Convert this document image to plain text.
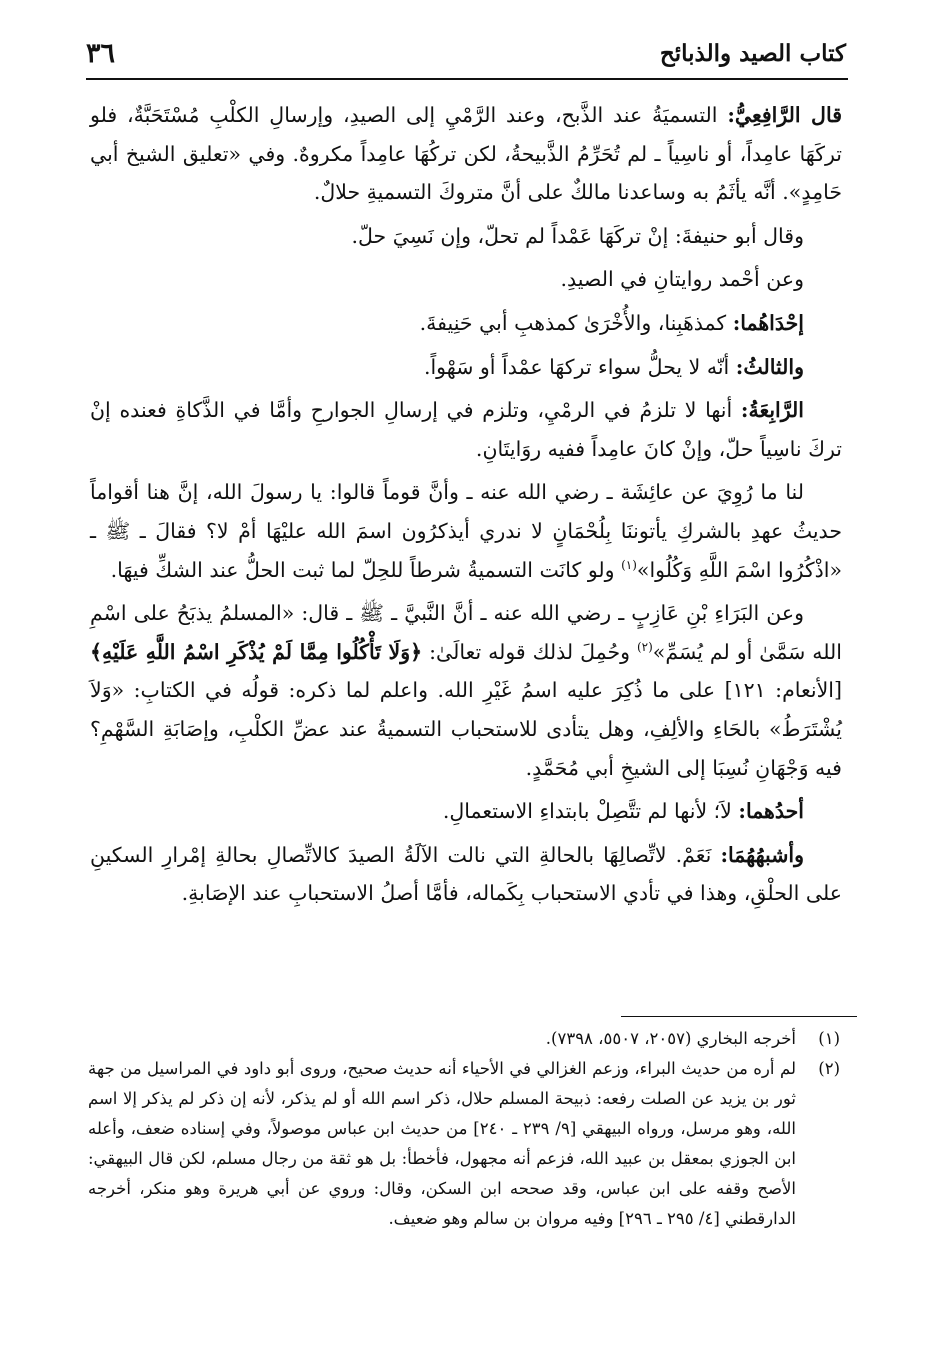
٣٦	كتاب الصيد والذبائح

قال الرَّافِعِيُّ: التسميَةُ عند الذَّبح، وعند الرَّمْيِ إلى الصيدِ، وإرسالِ الكلْبِ مُسْتَحَبَّةٌ، فلو تركَهَا عامِداً، أو ناسِياً ـ لم تُحَرِّمُ الذَّبيحةُ، لكن تركُهَا عامِداً مكروهٌ. وفي «تعليق الشيخ أبي حَامِدٍ». أنَّه يأثَمُ به وساعدنا مالكٌ على أنَّ متروكَ التسميةِ حلالٌ.

وقال أبو حنيفةَ: إنْ تركَهَا عَمْداً لم تحلّ، وإن نَسِيَ حلّ.

وعن أحْمد روايتانِ في الصيدِ.

إحْدَاهُما: كمذهَبِنا، والأُخْرَىٰ كمذهبِ أبي حَنِيفةَ.

والثالثُ: أنّه لا يحلُّ سواء تركهَا عمْداً أو سَهْواً.

الرَّابِعَةُ: أنها لا تلزمُ في الرمْيِ، وتلزم في إرسالِ الجوارحِ وأمَّا في الذَّكاةِ فعنده إنْ تركَ ناسِياً حلّ، وإنْ كانَ عامِداً ففيه روَايتَانِ.

لنا ما رُوِيَ عن عائِشَة ـ رضي الله عنه ـ وأنَّ قوماً قالوا: يا رسولَ الله، إنَّ هنا أقواماً حديثُ عهدِ بالشركِ يأتوننَا بِلُحْمَانٍ لا ندري أيذكرُون اسمَ الله عليْهَا أمْ لا؟ فقالَ ـ ﷺ ـ «اذْكُرُوا اسْمَ اللَّهِ وَكُلُوا»$^{(١)}$ ولو كانَت التسميةُ شرطاً للحِلّ لما ثبت الحلُّ عند الشكِّ فيهَا.

وعن البَرَاءِ بْنِ عَازِبٍ ـ رضي الله عنه ـ أنَّ النَّبيَّ ـ ﷺ ـ قال: «المسلمُ يذبَحُ على اسْمِ الله سَمَّىٰ أو لم يُسَمِّ»$^{(٢)}$ وحُمِلَ لذلك قوله تعالَىٰ: ﴿وَلَا تَأْكُلُوا مِمَّا لَمْ يُذْكَرِ اسْمُ اللَّهِ عَلَيْهِ﴾ [الأنعام: ١٢١] على ما ذُكِرَ عليه اسمُ غَيْرِ الله. واعلم لما ذكره: قولُه في الكتابِ: «وَلاَ يُشْتَرَطُ» بالحَاءِ والألِفِ، وهل يتأدى للاستحباب التسميةُ عند عضِّ الكلْبِ، وإصَابَةِ السَّهْمِ؟ فيه وَجْهَانِ نُسِبَا إلى الشيخِ أبي مُحَمَّدٍ.

أحدُهما: لاَ؛ لأنها لم تتَّصِلْ بابتداءِ الاستعمالِ.

وأشبهُهُمَا: نَعَمْ. لاتِّصالِهَا بالحالةِ التي نالت الآلَةُ الصيدَ كالاتِّصالِ بحالةِ إمْرارِ السكينِ على الحلْقِ، وهذا في تأدي الاستحباب بِكَماله، فأمَّا أصلُ الاستحبابِ عند الإصَابةِ.

(١)
أخرجه البخاري (٢٠٥٧، ٥٥٠٧، ٧٣٩٨).
(٢)
لم أره من حديث البراء، وزعم الغزالي في الأحياء أنه حديث صحيح، وروى أبو داود في المراسيل من جهة ثور بن يزيد عن الصلت رفعه: ذبيحة المسلم حلال، ذكر اسم الله أو لم يذكر، لأنه إن ذكر لم يذكر إلا اسم الله، وهو مرسل، ورواه البيهقي [٩/ ٢٣٩ ـ ٢٤٠] من حديث ابن عباس موصولاً، وفي إسناده ضعف، وأعله ابن الجوزي بمعقل بن عبيد الله، فزعم أنه مجهول، فأخطأ: بل هو ثقة من رجال مسلم، لكن قال البيهقي: الأصح وقفه على ابن عباس، وقد صححه ابن السكن، وقال: وروي عن أبي هريرة وهو منكر، أخرجه الدارقطني [٤/ ٢٩٥ ـ ٢٩٦] وفيه مروان بن سالم وهو ضعيف.
